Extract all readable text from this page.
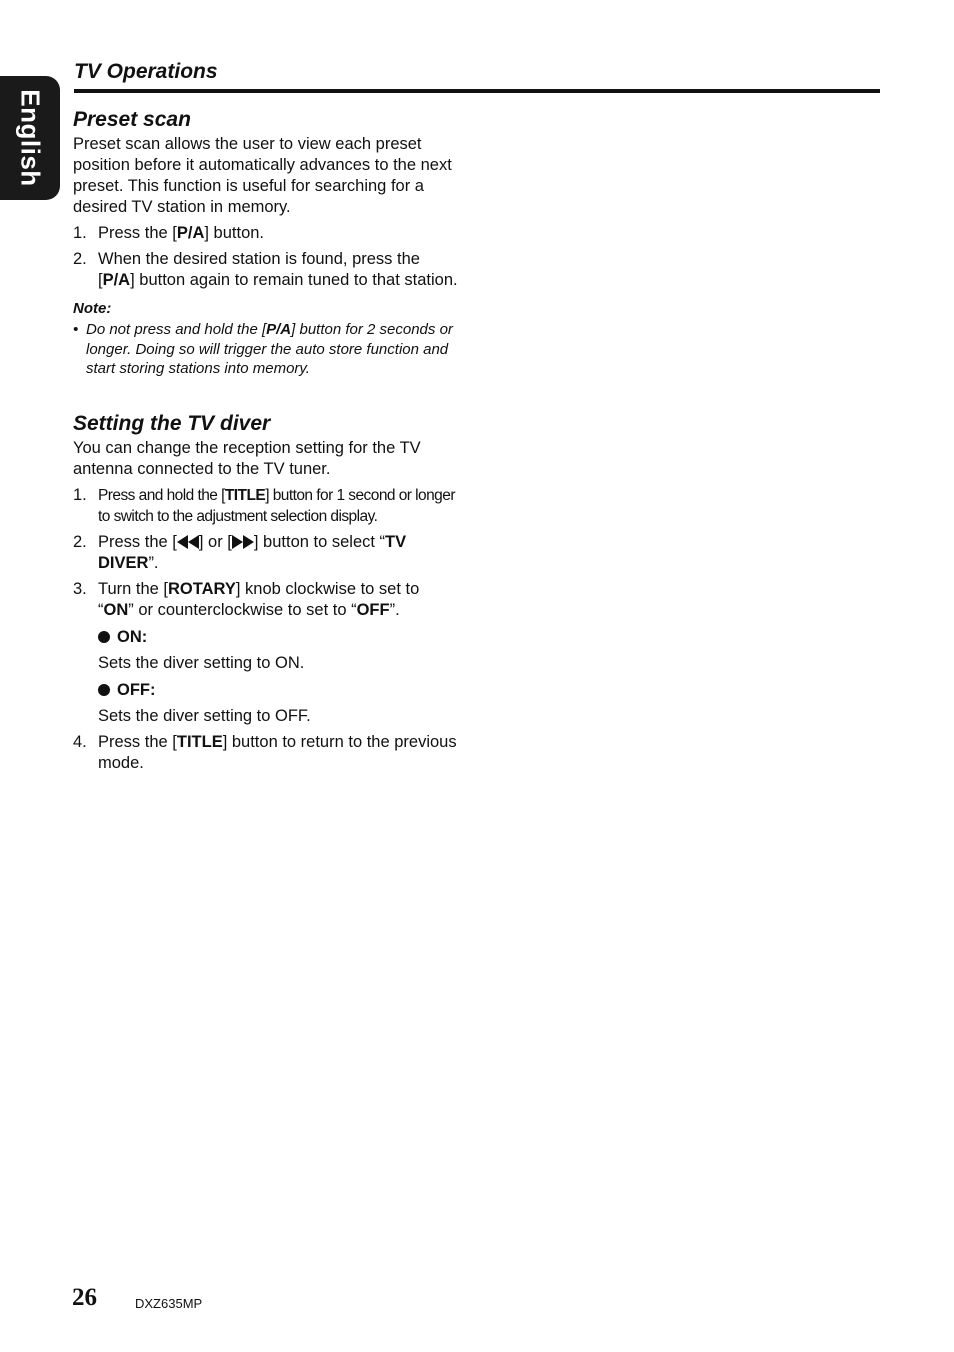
English
TV Operations
Preset scan

Preset scan allows the user to view each preset position before it automatically advances to the next preset. This function is useful for searching for a desired TV station in memory.

1. Press the [P/A] button.
2. When the desired station is found, press the [P/A] button again to remain tuned to that station.
Note:
• Do not press and hold the [P/A] button for 2 seconds or longer. Doing so will trigger the auto store function and start storing stations into memory.
Setting the TV diver

You can change the reception setting for the TV antenna connected to the TV tuner.

1. Press and hold the [TITLE] button for 1 second or longer to switch to the adjustment selection display.
2. Press the [ ] or [ ] button to select “TV DIVER”.
3. Turn the [ROTARY] knob clockwise to set to “ON” or counterclockwise to set to “OFF”.
ON:
Sets the diver setting to ON.
OFF:
Sets the diver setting to OFF.
4. Press the [TITLE] button to return to the previous mode.
26	DXZ635MP
